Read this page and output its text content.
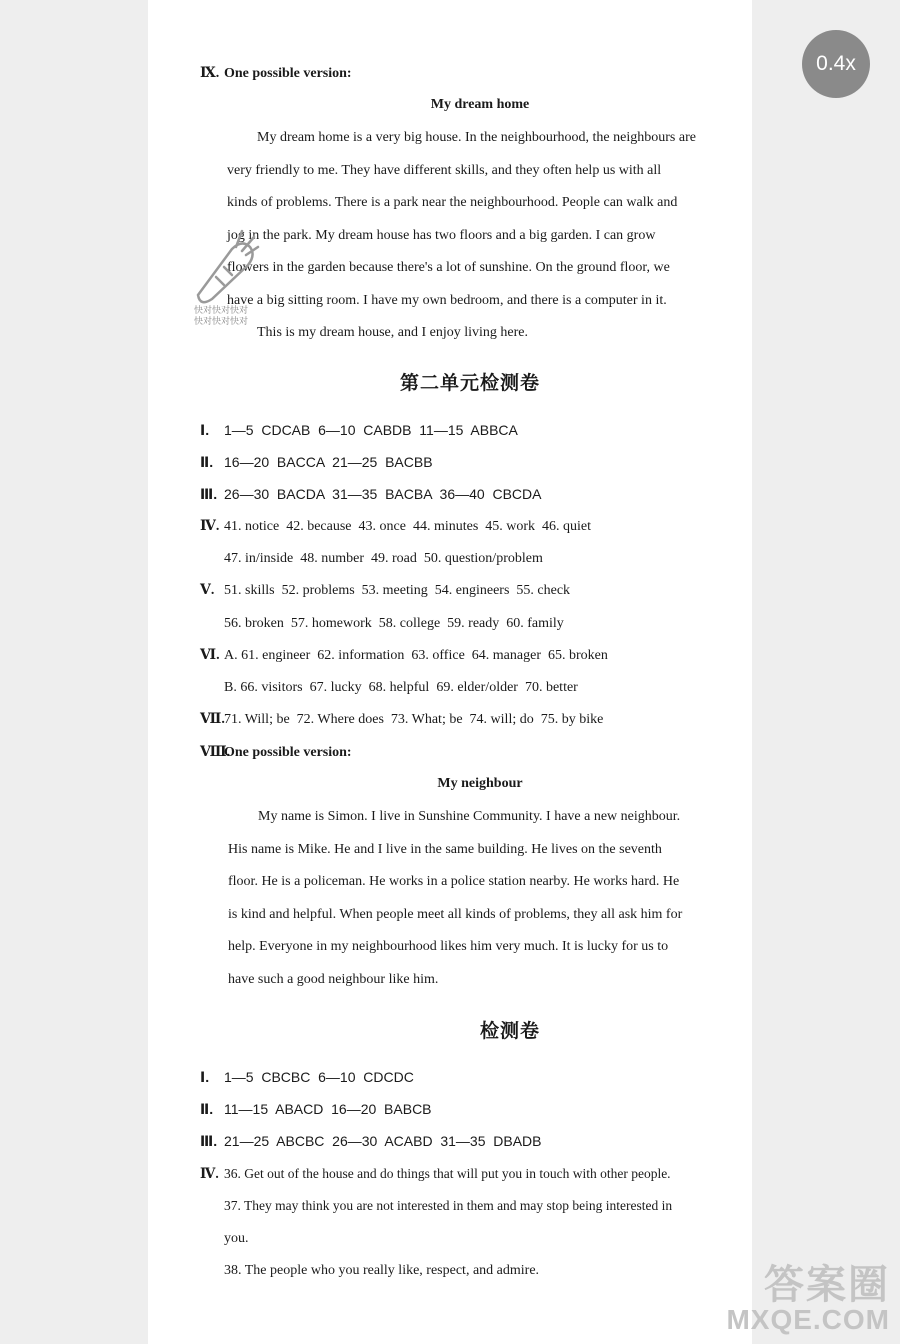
Ⅸ. One possible version:
My dream home
My dream home is a very big house. In the neighbourhood, the neighbours are
very friendly to me. They have different skills, and they often help us with all
kinds of problems. There is a park near the neighbourhood. People can walk and
jog in the park. My dream house has two floors and a big garden. I can grow
flowers in the garden because there's a lot of sunshine. On the ground floor, we
have a big sitting room. I have my own bedroom, and there is a computer in it.
This is my dream house, and I enjoy living here.
第二单元检测卷
Ⅰ. 1—5  CDCAB  6—10  CABDB  11—15  ABBCA
Ⅱ. 16—20  BACCA  21—25  BACBB
Ⅲ. 26—30  BACDA  31—35  BACBA  36—40  CBCDA
Ⅳ. 41. notice  42. because  43. once  44. minutes  45. work  46. quiet
47. in/inside  48. number  49. road  50. question/problem
Ⅴ. 51. skills  52. problems  53. meeting  54. engineers  55. check
56. broken  57. homework  58. college  59. ready  60. family
Ⅵ. A. 61. engineer  62. information  63. office  64. manager  65. broken
B. 66. visitors  67. lucky  68. helpful  69. elder/older  70. better
Ⅶ.71. Will; be  72. Where does  73. What; be  74. will; do  75. by bike
Ⅷ.One possible version:
My neighbour
My name is Simon. I live in Sunshine Community. I have a new neighbour.
His name is Mike. He and I live in the same building. He lives on the seventh
floor. He is a policeman. He works in a police station nearby. He works hard. He
is kind and helpful. When people meet all kinds of problems, they all ask him for
help. Everyone in my neighbourhood likes him very much. It is lucky for us to
have such a good neighbour like him.
检测卷
Ⅰ. 1—5  CBCBC  6—10  CDCDC
Ⅱ. 11—15  ABACD  16—20  BABCB
Ⅲ. 21—25  ABCBC  26—30  ACABD  31—35  DBADB
Ⅳ. 36. Get out of the house and do things that will put you in touch with other people.
37. They may think you are not interested in them and may stop being interested in
you.
38. The people who you really like, respect, and admire.
快对快对快对
快对快对快对
0.4x
答案圈
MXQE.COM
